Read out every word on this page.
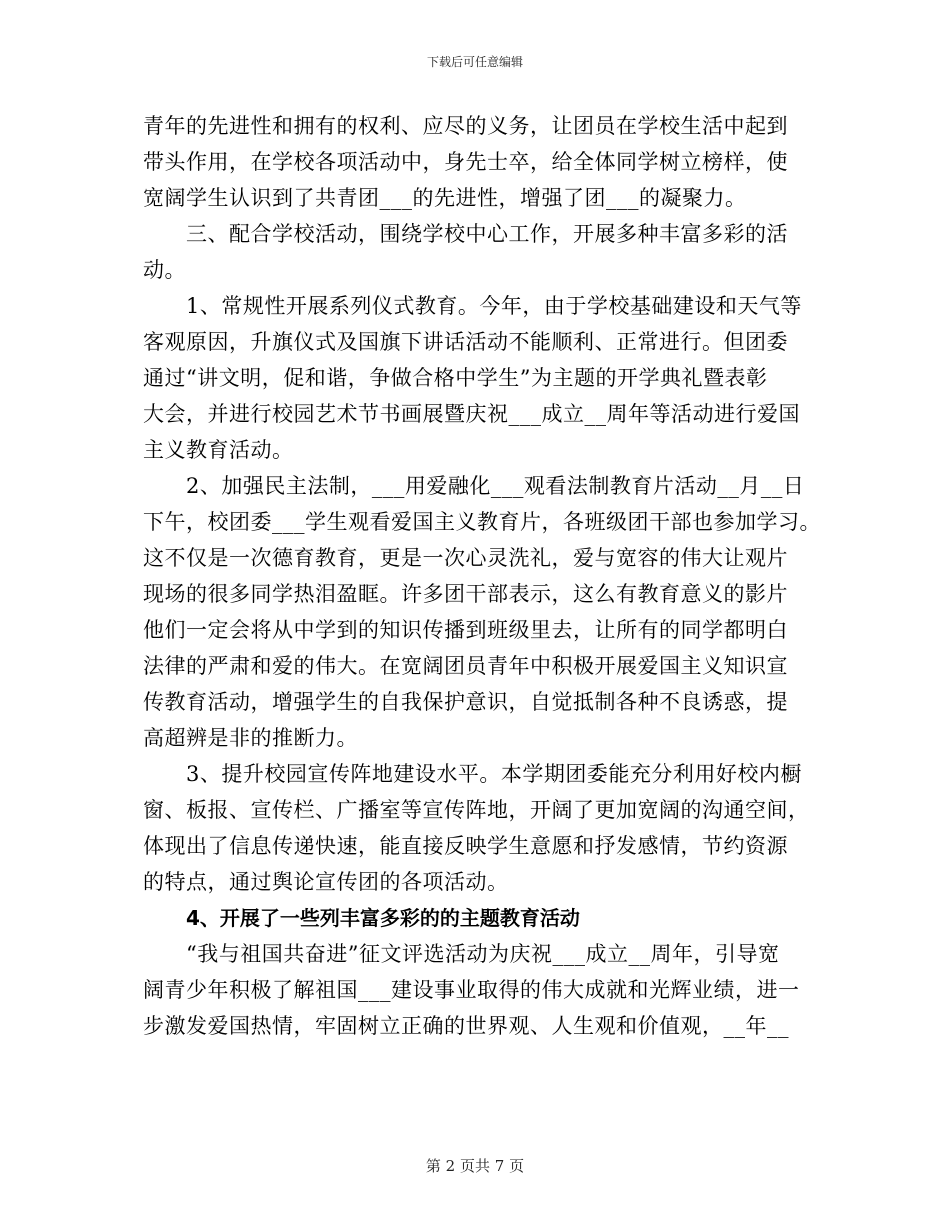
下载后可任意编辑
青年的先进性和拥有的权利、应尽的义务，让团员在学校生活中起到
带头作用，在学校各项活动中，身先士卒，给全体同学树立榜样，使
宽阔学生认识到了共青团___的先进性，增强了团___的凝聚力。
三、配合学校活动，围绕学校中心工作，开展多种丰富多彩的活
动。
1、常规性开展系列仪式教育。今年，由于学校基础建设和天气等
客观原因，升旗仪式及国旗下讲话活动不能顺利、正常进行。但团委
通过“讲文明，促和谐，争做合格中学生”为主题的开学典礼暨表彰
大会，并进行校园艺术节书画展暨庆祝___成立__周年等活动进行爱国
主义教育活动。
2、加强民主法制，___用爱融化___观看法制教育片活动__月__日
下午，校团委___学生观看爱国主义教育片，各班级团干部也参加学习。
这不仅是一次德育教育，更是一次心灵洗礼，爱与宽容的伟大让观片
现场的很多同学热泪盈眶。许多团干部表示，这么有教育意义的影片
他们一定会将从中学到的知识传播到班级里去，让所有的同学都明白
法律的严肃和爱的伟大。在宽阔团员青年中积极开展爱国主义知识宣
传教育活动，增强学生的自我保护意识，自觉抵制各种不良诱惑，提
高超辨是非的推断力。
3、提升校园宣传阵地建设水平。本学期团委能充分利用好校内橱
窗、板报、宣传栏、广播室等宣传阵地，开阔了更加宽阔的沟通空间，
体现出了信息传递快速，能直接反映学生意愿和抒发感情，节约资源
的特点，通过舆论宣传团的各项活动。
4、开展了一些列丰富多彩的的主题教育活动
“我与祖国共奋进”征文评选活动为庆祝___成立__周年，引导宽
阔青少年积极了解祖国___建设事业取得的伟大成就和光辉业绩，进一
步激发爱国热情，牢固树立正确的世界观、人生观和价值观，__年__
第 2 页共 7 页
